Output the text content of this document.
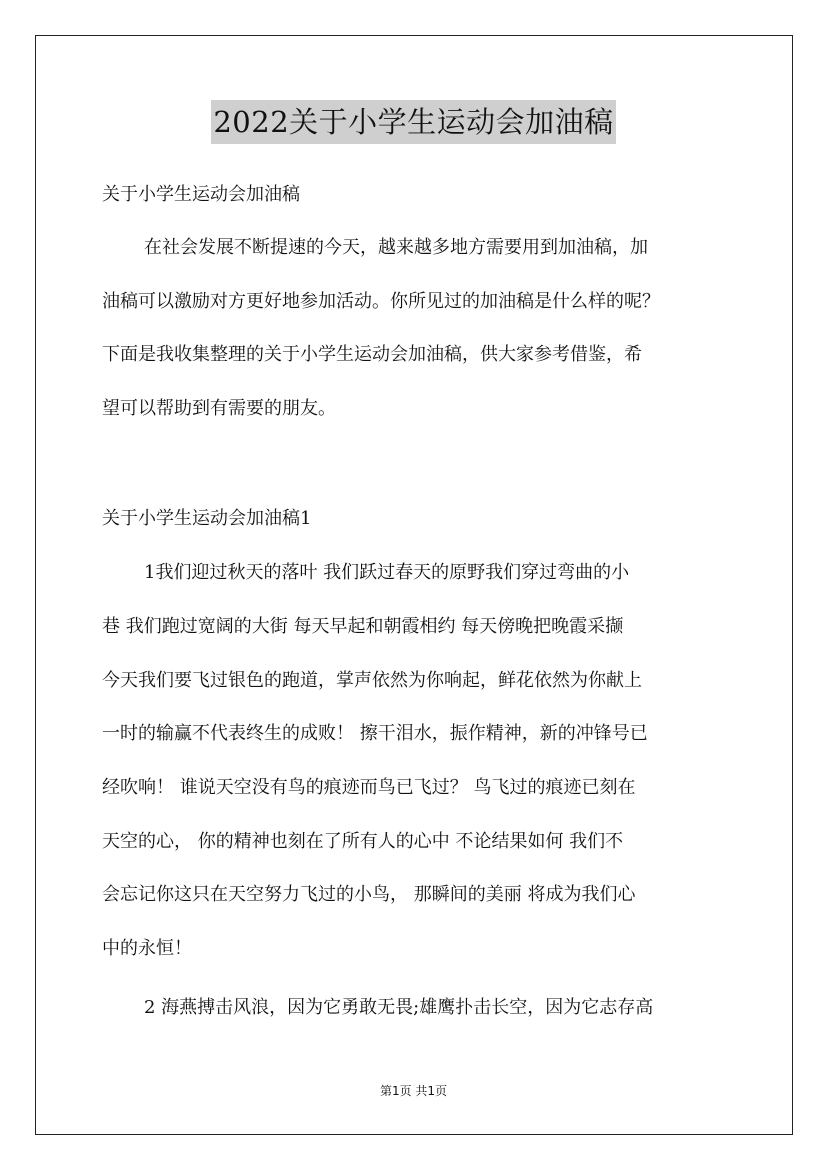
2022关于小学生运动会加油稿
关于小学生运动会加油稿
在社会发展不断提速的今天，越来越多地方需要用到加油稿，加
油稿可以激励对方更好地参加活动。你所见过的加油稿是什么样的呢？
下面是我收集整理的关于小学生运动会加油稿，供大家参考借鉴，希
望可以帮助到有需要的朋友。
关于小学生运动会加油稿1
1我们迎过秋天的落叶 我们跃过春天的原野我们穿过弯曲的小
巷 我们跑过宽阔的大街 每天早起和朝霞相约 每天傍晚把晚霞采撷
今天我们要飞过银色的跑道，掌声依然为你响起，鲜花依然为你献上
一时的输赢不代表终生的成败！ 擦干泪水，振作精神，新的冲锋号已
经吹响！ 谁说天空没有鸟的痕迹而鸟已飞过？ 鸟飞过的痕迹已刻在
天空的心， 你的精神也刻在了所有人的心中 不论结果如何 我们不
会忘记你这只在天空努力飞过的小鸟， 那瞬间的美丽 将成为我们心
中的永恒！
2 海燕搏击风浪，因为它勇敢无畏;雄鹰扑击长空，因为它志存高
第1页 共1页
